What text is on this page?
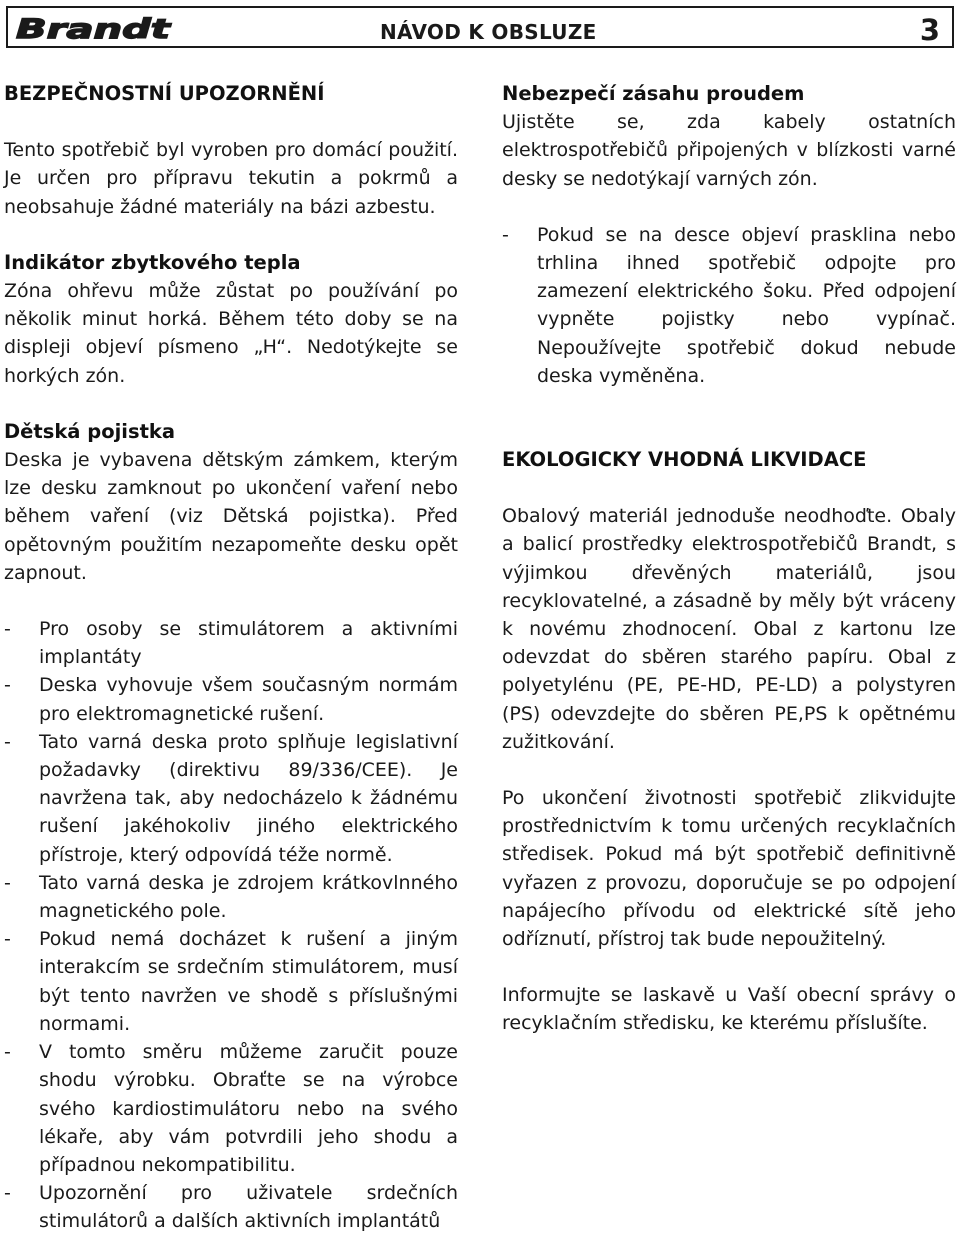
Brandt	NÁVOD K OBSLUZE	3
BEZPEČNOSTNÍ UPOZORNĚNÍ

Tento spotřebič byl vyroben pro domácí použití. Je určen pro přípravu tekutin a pokrmů a neobsahuje žádné materiály na bázi azbestu.

Indikátor zbytkového tepla

Zóna ohřevu může zůstat po používání po několik minut horká. Během této doby se na displeji objeví písmeno „H“. Nedotýkejte se horkých zón.

Dětská pojistka

Deska je vybavena dětským zámkem, kterým lze desku zamknout po ukončení vaření nebo během vaření (viz Dětská pojistka). Před opětovným použitím nezapomeňte desku opět zapnout.

- Pro osoby se stimulátorem a aktivními implantáty
- Deska vyhovuje všem současným normám pro elektromagnetické rušení.
- Tato varná deska proto splňuje legislativní požadavky (direktivu 89/336/CEE). Je navržena tak, aby nedocházelo k žádnému rušení jakéhokoliv jiného elektrického přístroje, který odpovídá téže normě.
- Tato varná deska je zdrojem krátkovlnného magnetického pole.
- Pokud nemá docházet k rušení a jiným interakcím se srdečním stimulátorem, musí být tento navržen ve shodě s příslušnými normami.
- V tomto směru můžeme zaručit pouze shodu výrobku. Obraťte se na výrobce svého kardiostimulátoru nebo na svého lékaře, aby vám potvrdili jeho shodu a případnou nekompatibilitu.
- Upozornění pro uživatele srdečních stimulátorů a dalších aktivních implantátů
Nebezpečí zásahu proudem

Ujistěte se, zda kabely ostatních elektrospotřebičů připojených v blízkosti varné desky se nedotýkají varných zón.

- Pokud se na desce objeví prasklina nebo trhlina ihned spotřebič odpojte pro zamezení elektrického šoku. Před odpojení vypněte pojistky nebo vypínač. Nepoužívejte spotřebič dokud nebude deska vyměněna.
EKOLOGICKY VHODNÁ LIKVIDACE

Obalový materiál jednoduše neodhoďte. Obaly a balicí prostředky elektrospotřebičů Brandt, s výjimkou dřevěných materiálů, jsou recyklovatelné, a zásadně by měly být vráceny k novému zhodnocení. Obal z kartonu lze odevzdat do sběren starého papíru. Obal z polyetylénu (PE, PE-HD, PE-LD) a polystyren (PS) odevzdejte do sběren PE,PS k opětnému zužitkování.

Po ukončení životnosti spotřebič zlikvidujte prostřednictvím k tomu určených recyklačních středisek. Pokud má být spotřebič definitivně vyřazen z provozu, doporučuje se po odpojení napájecího přívodu od elektrické sítě jeho odříznutí, přístroj tak bude nepoužitelný.

Informujte se laskavě u Vaší obecní správy o recyklačním středisku, ke kterému příslušíte.
